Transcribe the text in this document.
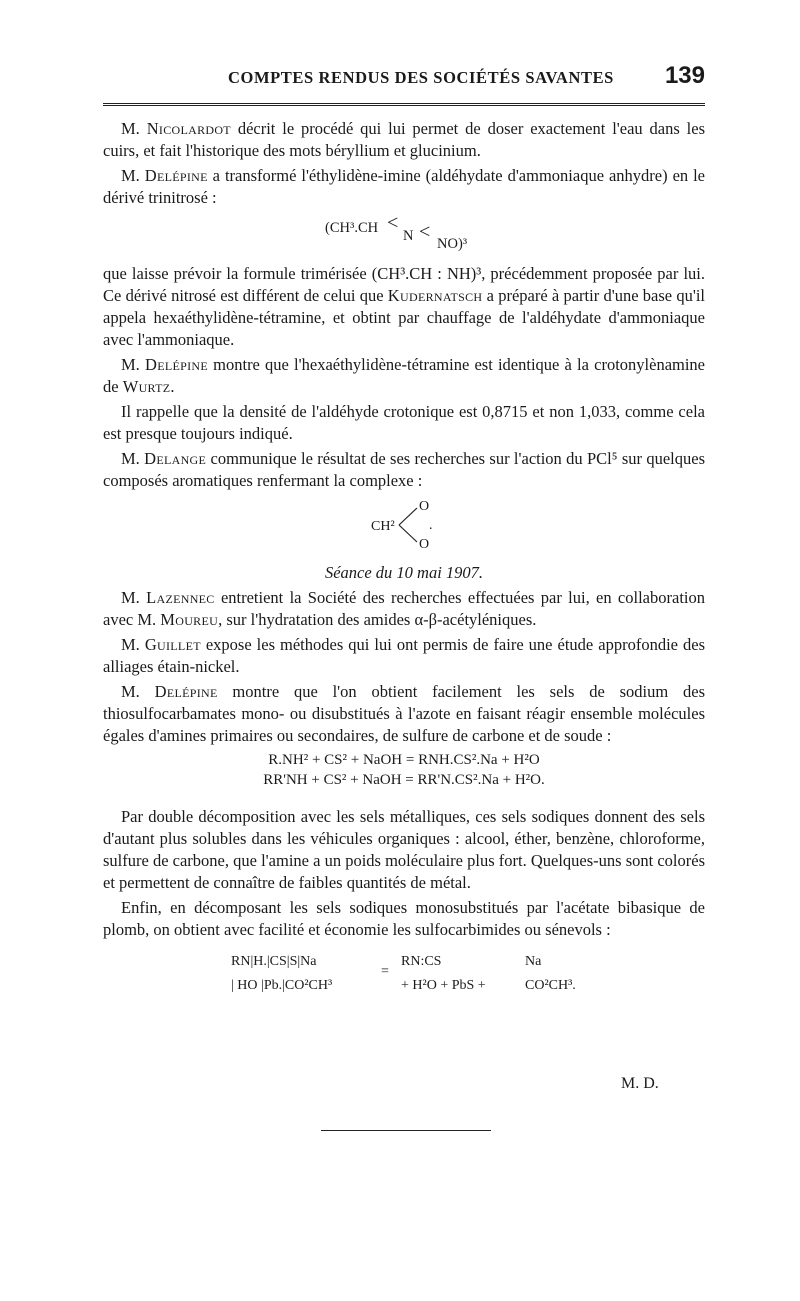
COMPTES RENDUS DES SOCIÉTÉS SAVANTES 139

M. Nicolardot décrit le procédé qui lui permet de doser exactement l'eau dans les cuirs, et fait l'historique des mots béryllium et glucinium.

M. Delépine a transformé l'éthylidène-imine (aldéhydate d'ammoniaque anhydre) en le dérivé trinitrosé :

(CH³.CH <
N <
NO)³

que laisse prévoir la formule trimérisée (CH³.CH : NH)³, précédemment proposée par lui. Ce dérivé nitrosé est différent de celui que Kudernatsch a préparé à partir d'une base qu'il appela hexaéthylidène-tétramine, et obtint par chauffage de l'aldéhydate d'ammoniaque avec l'ammoniaque.

M. Delépine montre que l'hexaéthylidène-tétramine est identique à la crotonylènamine de Wurtz.

Il rappelle que la densité de l'aldéhyde crotonique est 0,8715 et non 1,033, comme cela est presque toujours indiqué.

M. Delange communique le résultat de ses recherches sur l'action du PCl⁵ sur quelques composés aromatiques renfermant la complexe :

CH²
O
.
O

Séance du 10 mai 1907.

M. Lazennec entretient la Société des recherches effectuées par lui, en collaboration avec M. Moureu, sur l'hydratation des amides α-β-acétyléniques.

M. Guillet expose les méthodes qui lui ont permis de faire une étude approfondie des alliages étain-nickel.

M. Delépine montre que l'on obtient facilement les sels de sodium des thiosulfocarbamates mono- ou disubstitués à l'azote en faisant réagir ensemble molécules égales d'amines primaires ou secondaires, de sulfure de carbone et de soude :

R.NH² + CS² + NaOH = RNH.CS².Na + H²O
RR'NH + CS² + NaOH = RR'N.CS².Na + H²O.

Par double décomposition avec les sels métalliques, ces sels sodiques donnent des sels d'autant plus solubles dans les véhicules organiques : alcool, éther, benzène, chloroforme, sulfure de carbone, que l'amine a un poids moléculaire plus fort. Quelques-uns sont colorés et permettent de connaître de faibles quantités de métal.

Enfin, en décomposant les sels sodiques monosubstitués par l'acétate bibasique de plomb, on obtient avec facilité et économie les sulfocarbimides ou sénevols :

RN|H.|CS|S|Na
| HO |Pb.|CO²CH³
=
RN:CS
+ H²O + PbS +
Na
CO²CH³.
M. D.
